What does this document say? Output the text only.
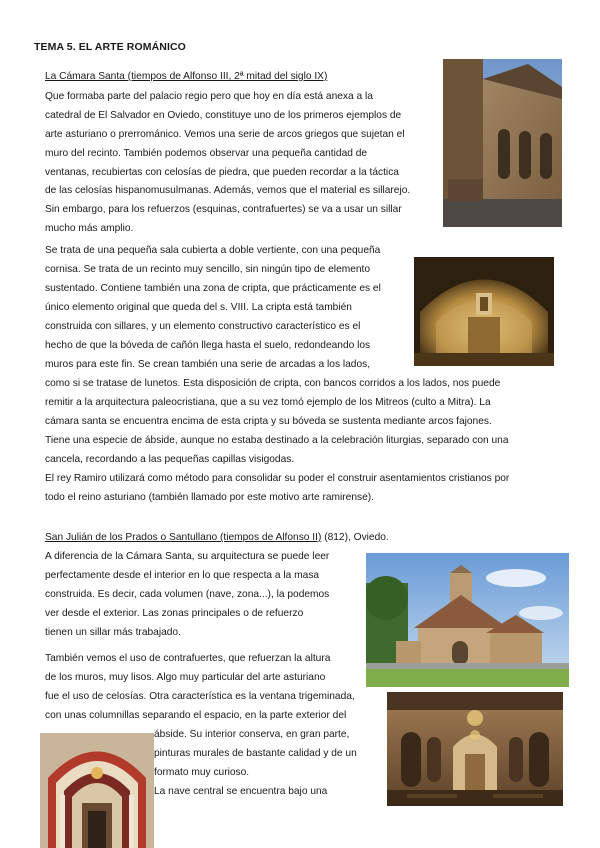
TEMA 5. EL ARTE ROMÁNICO
La Cámara Santa (tiempos de Alfonso III, 2ª mitad del siglo IX)
Que formaba parte del palacio regio pero que hoy en día está anexa a la
catedral de El Salvador en Oviedo, constituye uno de los primeros ejemplos de
arte asturiano o prerrománico. Vemos una serie de arcos griegos que sujetan el
muro del recinto. También podemos observar una pequeña cantidad de
ventanas, recubiertas con celosías de piedra, que pueden recordar a la táctica
de las celosías hispanomusulmanas. Además, vemos que el material es sillarejo.
Sin embargo, para los refuerzos (esquinas, contrafuertes) se va a usar un sillar
mucho más amplio.
Se trata de una pequeña sala cubierta a doble vertiente, con una pequeña
cornisa. Se trata de un recinto muy sencillo, sin ningún tipo de elemento
sustentado. Contiene también una zona de cripta, que prácticamente es el
único elemento original que queda del s. VIII. La cripta está también
construida con sillares, y un elemento constructivo característico es el
hecho de que la bóveda de cañón llega hasta el suelo, redondeando los
muros para este fin. Se crean también una serie de arcadas a los lados,
como si se tratase de lunetos. Esta disposición de cripta, con bancos corridos a los lados, nos puede
remitir a la arquitectura paleocristiana, que a su vez tomó ejemplo de los Mitreos (culto a Mitra). La
cámara santa se encuentra encima de esta cripta y su bóveda se sustenta mediante arcos fajones.
Tiene una especie de ábside, aunque no estaba destinado a la celebración liturgias, separado con una
cancela, recordando a las pequeñas capillas visigodas.
El rey Ramiro utilizará como método para consolidar su poder el construir asentamientos cristianos por
todo el reino asturiano (también llamado por este motivo arte ramirense).
San Julián de los Prados o Santullano (tiempos de Alfonso II) (812), Oviedo.
A diferencia de la Cámara Santa, su arquitectura se puede leer
perfectamente desde el interior en lo que respecta a la masa
construida. Es decir, cada volumen (nave, zona...), la podemos
ver desde el exterior. Las zonas principales o de refuerzo
tienen un sillar más trabajado.
También vemos el uso de contrafuertes, que refuerzan la altura
de los muros, muy lisos. Algo muy particular del arte asturiano
fue el uso de celosías. Otra característica es la ventana trigeminada,
con unas columnillas separando el espacio, en la parte exterior del
ábside. Su interior conserva, en gran parte,
pinturas murales de bastante calidad y de un
formato muy curioso.
La nave central se encuentra bajo una
